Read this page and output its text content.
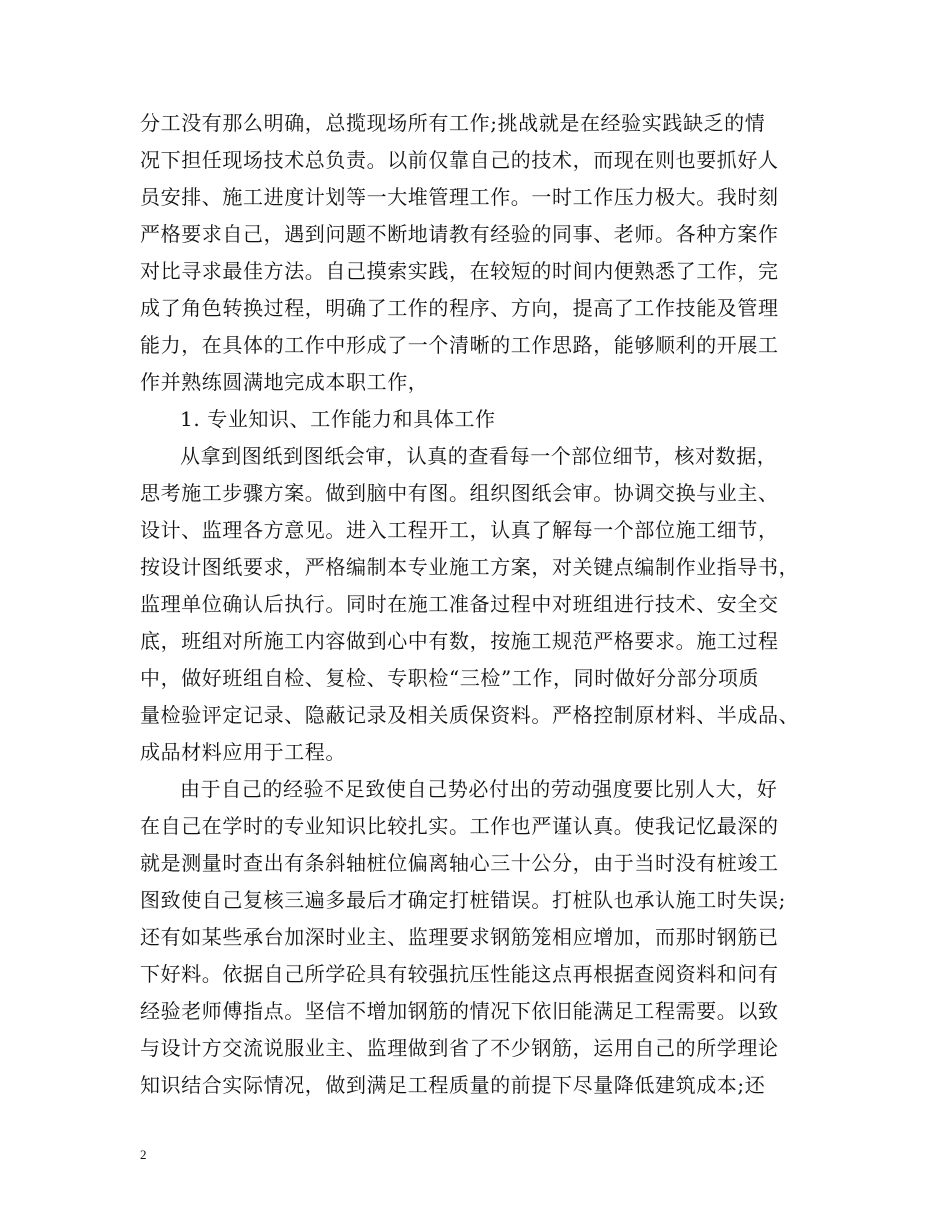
分工没有那么明确，总揽现场所有工作;挑战就是在经验实践缺乏的情
况下担任现场技术总负责。以前仅靠自己的技术，而现在则也要抓好人
员安排、施工进度计划等一大堆管理工作。一时工作压力极大。我时刻
严格要求自己，遇到问题不断地请教有经验的同事、老师。各种方案作
对比寻求最佳方法。自己摸索实践，在较短的时间内便熟悉了工作，完
成了角色转换过程，明确了工作的程序、方向，提高了工作技能及管理
能力，在具体的工作中形成了一个清晰的工作思路，能够顺利的开展工
作并熟练圆满地完成本职工作，
1. 专业知识、工作能力和具体工作
从拿到图纸到图纸会审，认真的查看每一个部位细节，核对数据，
思考施工步骤方案。做到脑中有图。组织图纸会审。协调交换与业主、
设计、监理各方意见。进入工程开工，认真了解每一个部位施工细节，
按设计图纸要求，严格编制本专业施工方案，对关键点编制作业指导书，
监理单位确认后执行。同时在施工准备过程中对班组进行技术、安全交
底，班组对所施工内容做到心中有数，按施工规范严格要求。施工过程
中，做好班组自检、复检、专职检“三检”工作，同时做好分部分项质
量检验评定记录、隐蔽记录及相关质保资料。严格控制原材料、半成品、
成品材料应用于工程。
由于自己的经验不足致使自己势必付出的劳动强度要比别人大，好
在自己在学时的专业知识比较扎实。工作也严谨认真。使我记忆最深的
就是测量时查出有条斜轴桩位偏离轴心三十公分，由于当时没有桩竣工
图致使自己复核三遍多最后才确定打桩错误。打桩队也承认施工时失误;
还有如某些承台加深时业主、监理要求钢筋笼相应增加，而那时钢筋已
下好料。依据自己所学砼具有较强抗压性能这点再根据查阅资料和问有
经验老师傅指点。坚信不增加钢筋的情况下依旧能满足工程需要。以致
与设计方交流说服业主、监理做到省了不少钢筋，运用自己的所学理论
知识结合实际情况，做到满足工程质量的前提下尽量降低建筑成本;还
2
